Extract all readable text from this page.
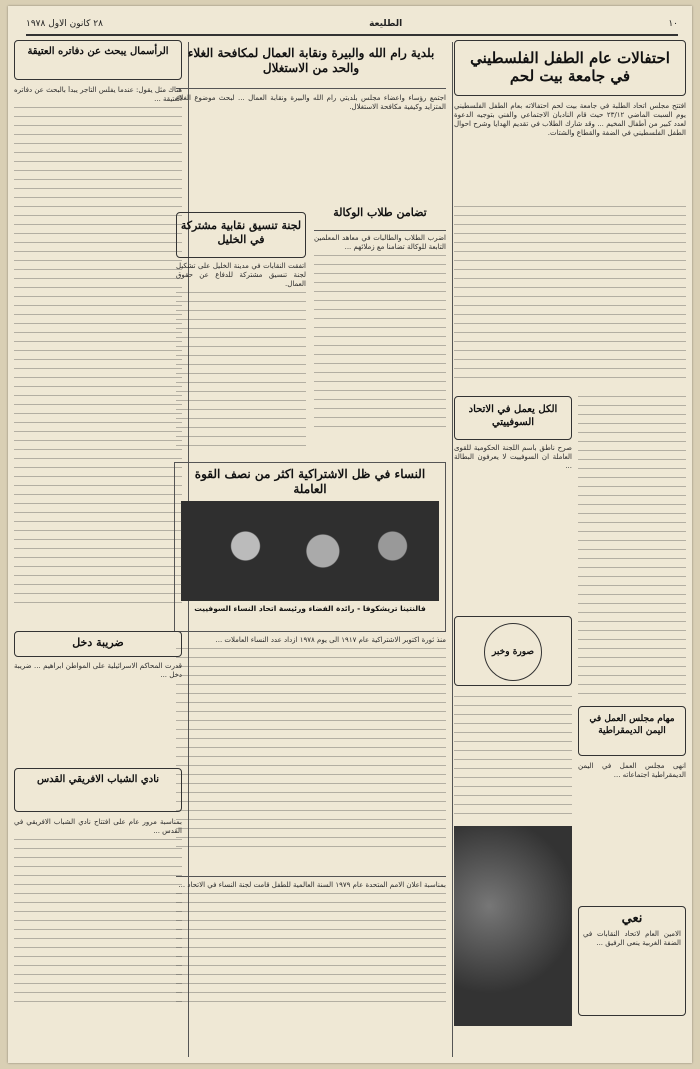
١٠
الطليعة
٢٨ كانون الاول ١٩٧٨
احتفالات عام الطفل الفلسطيني في جامعة بيت لحم

افتتح مجلس اتحاد الطلبة في جامعة بيت لحم احتفالاته بعام الطفل الفلسطيني يوم السبت الماضي ٢٣/١٢ حيث قام النادبان الاجتماعي والفني بتوجيه الدعوة لعدد كبير من أطفال المخيم ... وقد شارك الطلاب في تقديم الهدايا وشرح احوال الطفل الفلسطيني في الضفة والقطاع والشتات.

الكل يعمل في الاتحاد السوفييتي

صرح ناطق باسم اللجنة الحكومية للقوى العاملة ان السوفييت لا يعرفون البطالة ...

صورة وخبر
مهام مجلس العمل في اليمن الديمقراطية

انهى مجلس العمل في اليمن الديمقراطية اجتماعاته ...

نعي
الامين العام لاتحاد النقابات في الضفة الغربية ينعى الرفيق ...
بلدية رام الله والبيرة ونقابة العمال لمكافحة الغلاء والحد من الاستغلال

اجتمع رؤساء واعضاء مجلس بلديتي رام الله والبيرة ونقابة العمال ... لبحث موضوع الغلاء المتزايد وكيفية مكافحة الاستغلال.

تضامن طلاب الوكالة

اضرب الطلاب والطالبات في معاهد المعلمين التابعة للوكالة تضامنا مع زملائهم ...

لجنة تنسيق نقابية مشتركة في الخليل

اتفقت النقابات في مدينة الخليل على تشكيل لجنة تنسيق مشتركة للدفاع عن حقوق العمال.

النساء في ظل الاشتراكية اكثر من نصف القوة العاملة
فالنتينا تريشكوفا - رائدة الفضاء ورئيسة اتحاد النساء السوفييت

منذ ثورة اكتوبر الاشتراكية عام ١٩١٧ الى يوم ١٩٧٨ ازداد عدد النساء العاملات ...

بمناسبة اعلان الامم المتحدة عام ١٩٧٩ السنة العالمية للطفل قامت لجنة النساء في الاتحاد ...

الرأسمال يبحث عن دفاتره العتيقة

هناك مثل يقول: عندما يفلس التاجر يبدأ بالبحث عن دفاتره العتيقة ...

ضريبة دخل

قدرت المحاكم الاسرائيلية على المواطن ابراهيم ... ضريبة دخل ...

نادي الشباب الافريقي القدس

بمناسبة مرور عام على افتتاح نادي الشباب الافريقي في القدس ...
